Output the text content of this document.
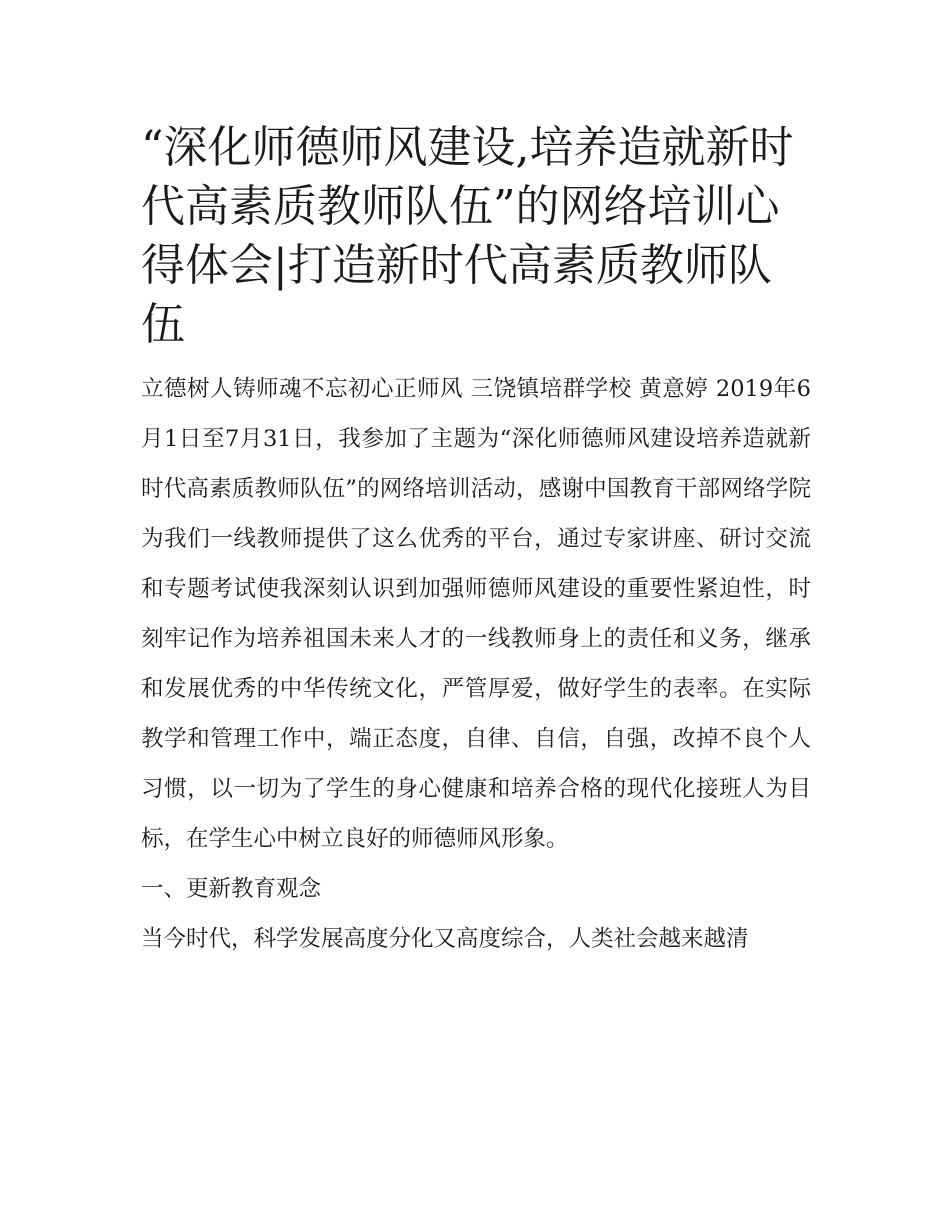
“深化师德师风建设,培养造就新时代高素质教师队伍”的网络培训心得体会|打造新时代高素质教师队伍

立德树人铸师魂不忘初心正师风 三饶镇培群学校 黄意婷 2019年6月1日至7月31日，我参加了主题为“深化师德师风建设培养造就新时代高素质教师队伍”的网络培训活动，感谢中国教育干部网络学院为我们一线教师提供了这么优秀的平台，通过专家讲座、研讨交流和专题考试使我深刻认识到加强师德师风建设的重要性紧迫性，时刻牢记作为培养祖国未来人才的一线教师身上的责任和义务，继承和发展优秀的中华传统文化，严管厚爱，做好学生的表率。在实际教学和管理工作中，端正态度，自律、自信，自强，改掉不良个人习惯，以一切为了学生的身心健康和培养合格的现代化接班人为目标，在学生心中树立良好的师德师风形象。

一、更新教育观念

当今时代，科学发展高度分化又高度综合，人类社会越来越清
